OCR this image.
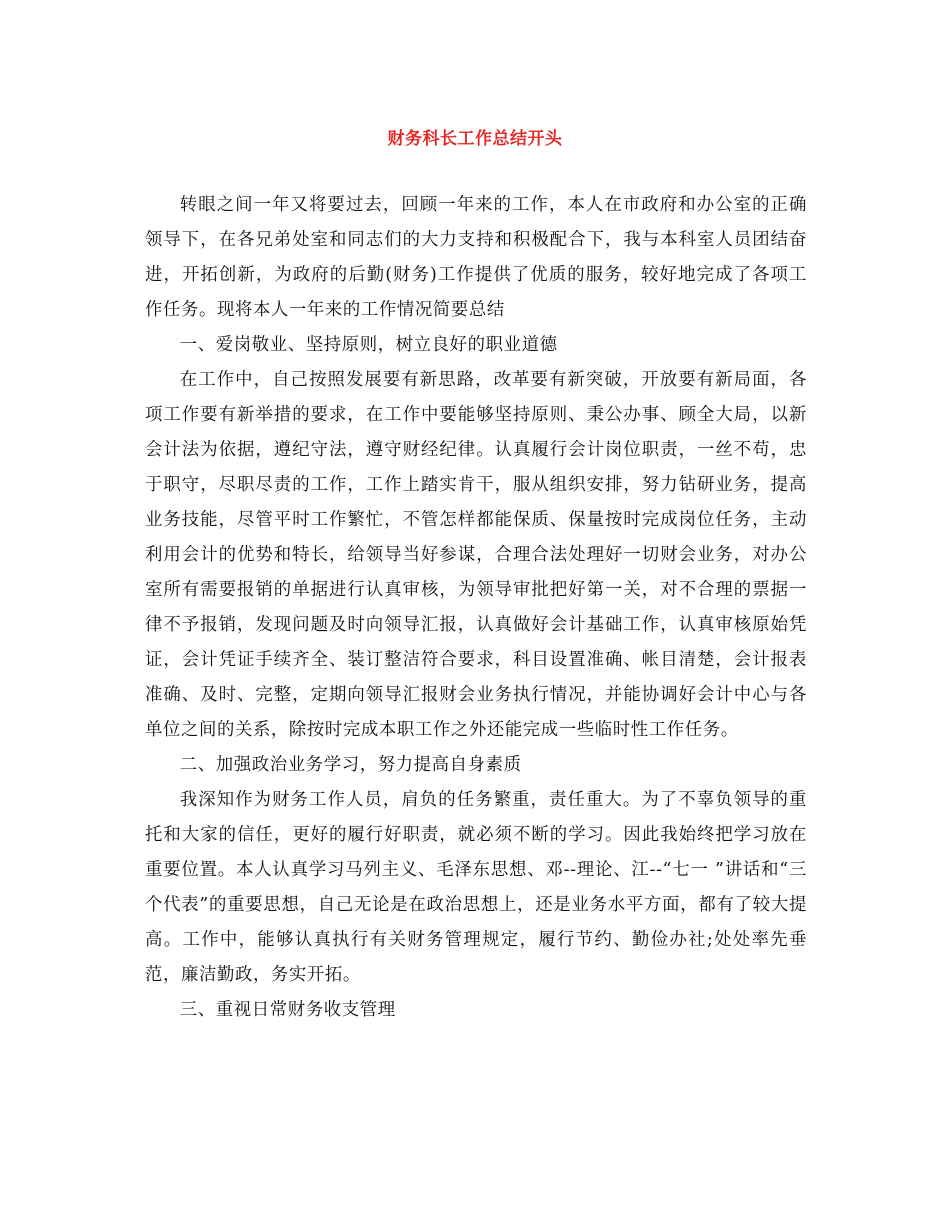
财务科长工作总结开头

转眼之间一年又将要过去，回顾一年来的工作，本人在市政府和办公室的正确领导下，在各兄弟处室和同志们的大力支持和积极配合下，我与本科室人员团结奋进，开拓创新，为政府的后勤(财务)工作提供了优质的服务，较好地完成了各项工作任务。现将本人一年来的工作情况简要总结

一、爱岗敬业、坚持原则，树立良好的职业道德

在工作中，自己按照发展要有新思路，改革要有新突破，开放要有新局面，各项工作要有新举措的要求，在工作中要能够坚持原则、秉公办事、顾全大局，以新会计法为依据，遵纪守法，遵守财经纪律。认真履行会计岗位职责，一丝不苟，忠于职守，尽职尽责的工作，工作上踏实肯干，服从组织安排，努力钻研业务，提高业务技能，尽管平时工作繁忙，不管怎样都能保质、保量按时完成岗位任务，主动利用会计的优势和特长，给领导当好参谋，合理合法处理好一切财会业务，对办公室所有需要报销的单据进行认真审核，为领导审批把好第一关，对不合理的票据一律不予报销，发现问题及时向领导汇报，认真做好会计基础工作，认真审核原始凭证，会计凭证手续齐全、装订整洁符合要求，科目设置准确、帐目清楚，会计报表准确、及时、完整，定期向领导汇报财会业务执行情况，并能协调好会计中心与各单位之间的关系，除按时完成本职工作之外还能完成一些临时性工作任务。

二、加强政治业务学习，努力提高自身素质

我深知作为财务工作人员，肩负的任务繁重，责任重大。为了不辜负领导的重托和大家的信任，更好的履行好职责，就必须不断的学习。因此我始终把学习放在重要位置。本人认真学习马列主义、毛泽东思想、邓--理论、江--“七一 ”讲话和“三个代表”的重要思想，自己无论是在政治思想上，还是业务水平方面，都有了较大提高。工作中，能够认真执行有关财务管理规定，履行节约、勤俭办社;处处率先垂范，廉洁勤政，务实开拓。

三、重视日常财务收支管理
